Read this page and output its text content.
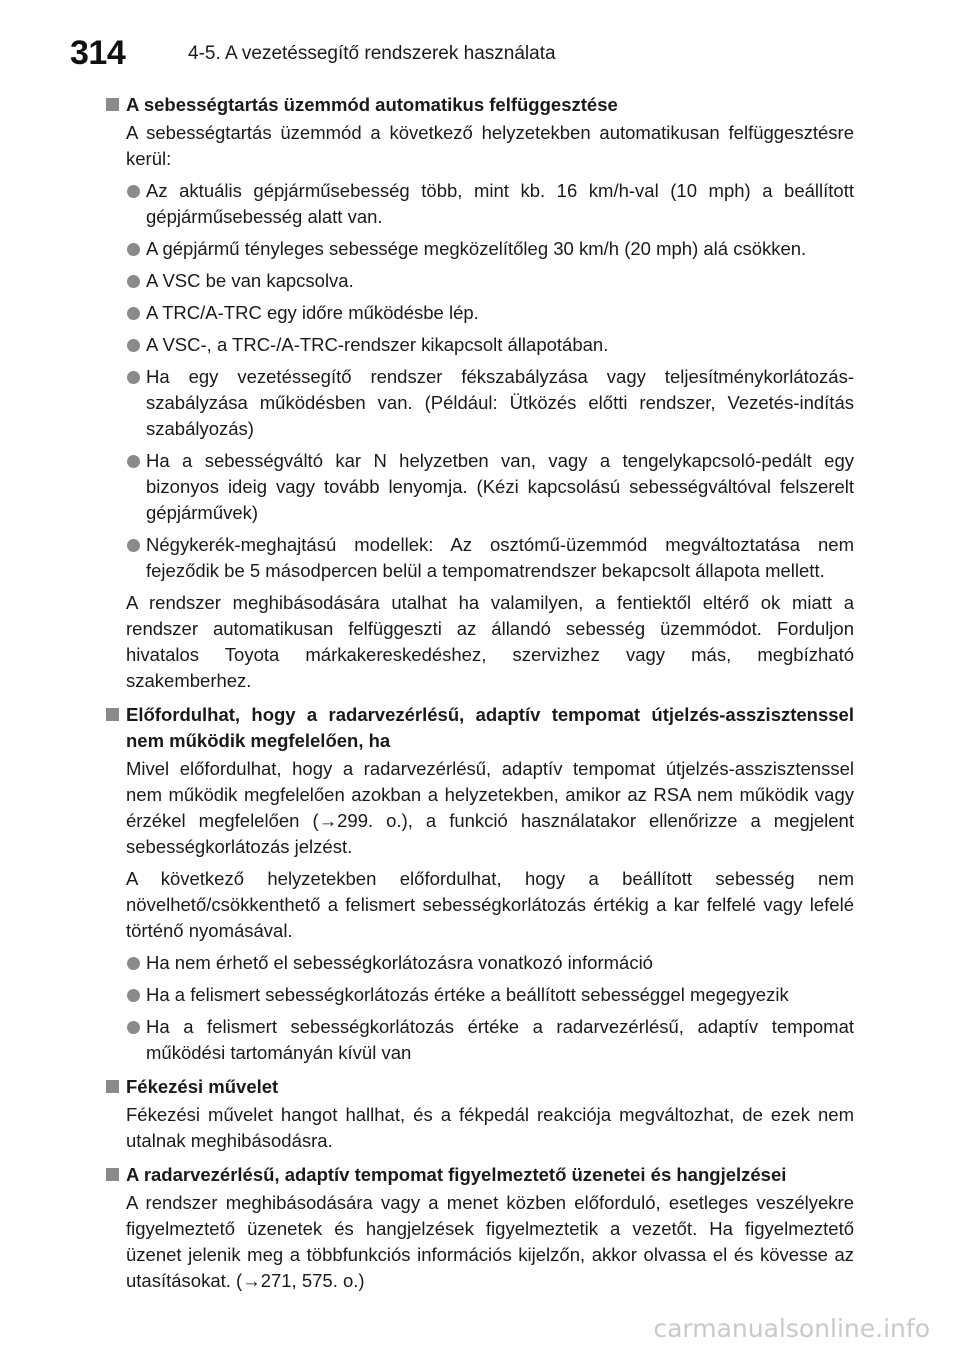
314	4-5. A vezetéssegítő rendszerek használata
A sebességtartás üzemmód automatikus felfüggesztése
A sebességtartás üzemmód a következő helyzetekben automatikusan felfüggesztésre kerül:
Az aktuális gépjárműsebesség több, mint kb. 16 km/h-val (10 mph) a beállított gépjárműsebesség alatt van.
A gépjármű tényleges sebessége megközelítőleg 30 km/h (20 mph) alá csökken.
A VSC be van kapcsolva.
A TRC/A-TRC egy időre működésbe lép.
A VSC-, a TRC-/A-TRC-rendszer kikapcsolt állapotában.
Ha egy vezetéssegítő rendszer fékszabályzása vagy teljesítménykorlátozás-szabályzása működésben van. (Például: Ütközés előtti rendszer, Vezetés-indítás szabályozás)
Ha a sebességváltó kar N helyzetben van, vagy a tengelykapcsoló-pedált egy bizonyos ideig vagy tovább lenyomja. (Kézi kapcsolású sebességváltóval felszerelt gépjárművek)
Négykerék-meghajtású modellek: Az osztómű-üzemmód megváltoztatása nem fejeződik be 5 másodpercen belül a tempomatrendszer bekapcsolt állapota mellett.
A rendszer meghibásodására utalhat ha valamilyen, a fentiektől eltérő ok miatt a rendszer automatikusan felfüggeszti az állandó sebesség üzemmódot. Forduljon hivatalos Toyota márkakereskedéshez, szervizhez vagy más, megbízható szakemberhez.
Előfordulhat, hogy a radarvezérlésű, adaptív tempomat útjelzés-asszisztenssel nem működik megfelelően, ha
Mivel előfordulhat, hogy a radarvezérlésű, adaptív tempomat útjelzés-asszisztenssel nem működik megfelelően azokban a helyzetekben, amikor az RSA nem működik vagy érzékel megfelelően (→299. o.), a funkció használatakor ellenőrizze a megjelent sebességkorlátozás jelzést.
A következő helyzetekben előfordulhat, hogy a beállított sebesség nem növelhető/csökkenthető a felismert sebességkorlátozás értékig a kar felfelé vagy lefelé történő nyomásával.
Ha nem érhető el sebességkorlátozásra vonatkozó információ
Ha a felismert sebességkorlátozás értéke a beállított sebességgel megegyezik
Ha a felismert sebességkorlátozás értéke a radarvezérlésű, adaptív tempomat működési tartományán kívül van
Fékezési művelet
Fékezési művelet hangot hallhat, és a fékpedál reakciója megváltozhat, de ezek nem utalnak meghibásodásra.
A radarvezérlésű, adaptív tempomat figyelmeztető üzenetei és hangjelzései
A rendszer meghibásodására vagy a menet közben előforduló, esetleges veszélyekre figyelmeztető üzenetek és hangjelzések figyelmeztetik a vezetőt. Ha figyelmeztető üzenet jelenik meg a többfunkciós információs kijelzőn, akkor olvassa el és kövesse az utasításokat. (→271, 575. o.)
carmanualsonline.info
